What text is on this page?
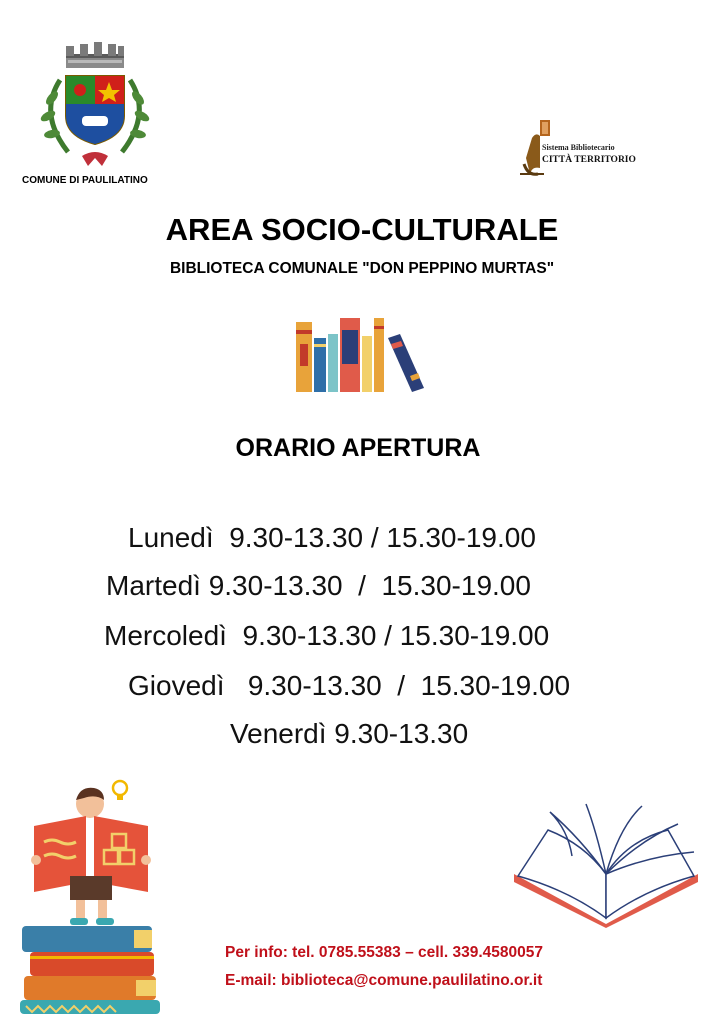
COMUNE DI PAULILATINO
Sistema Bibliotecario
CITTÀ TERRITORIO
AREA SOCIO-CULTURALE
BIBLIOTECA COMUNALE "DON PEPPINO MURTAS"
ORARIO APERTURA
Lunedì  9.30-13.30 / 15.30-19.00
Martedì 9.30-13.30  /  15.30-19.00
Mercoledì  9.30-13.30 / 15.30-19.00
Giovedì   9.30-13.30  /  15.30-19.00
Venerdì 9.30-13.30
Per info: tel. 0785.55383 – cell. 339.4580057
E-mail: biblioteca@comune.paulilatino.or.it
